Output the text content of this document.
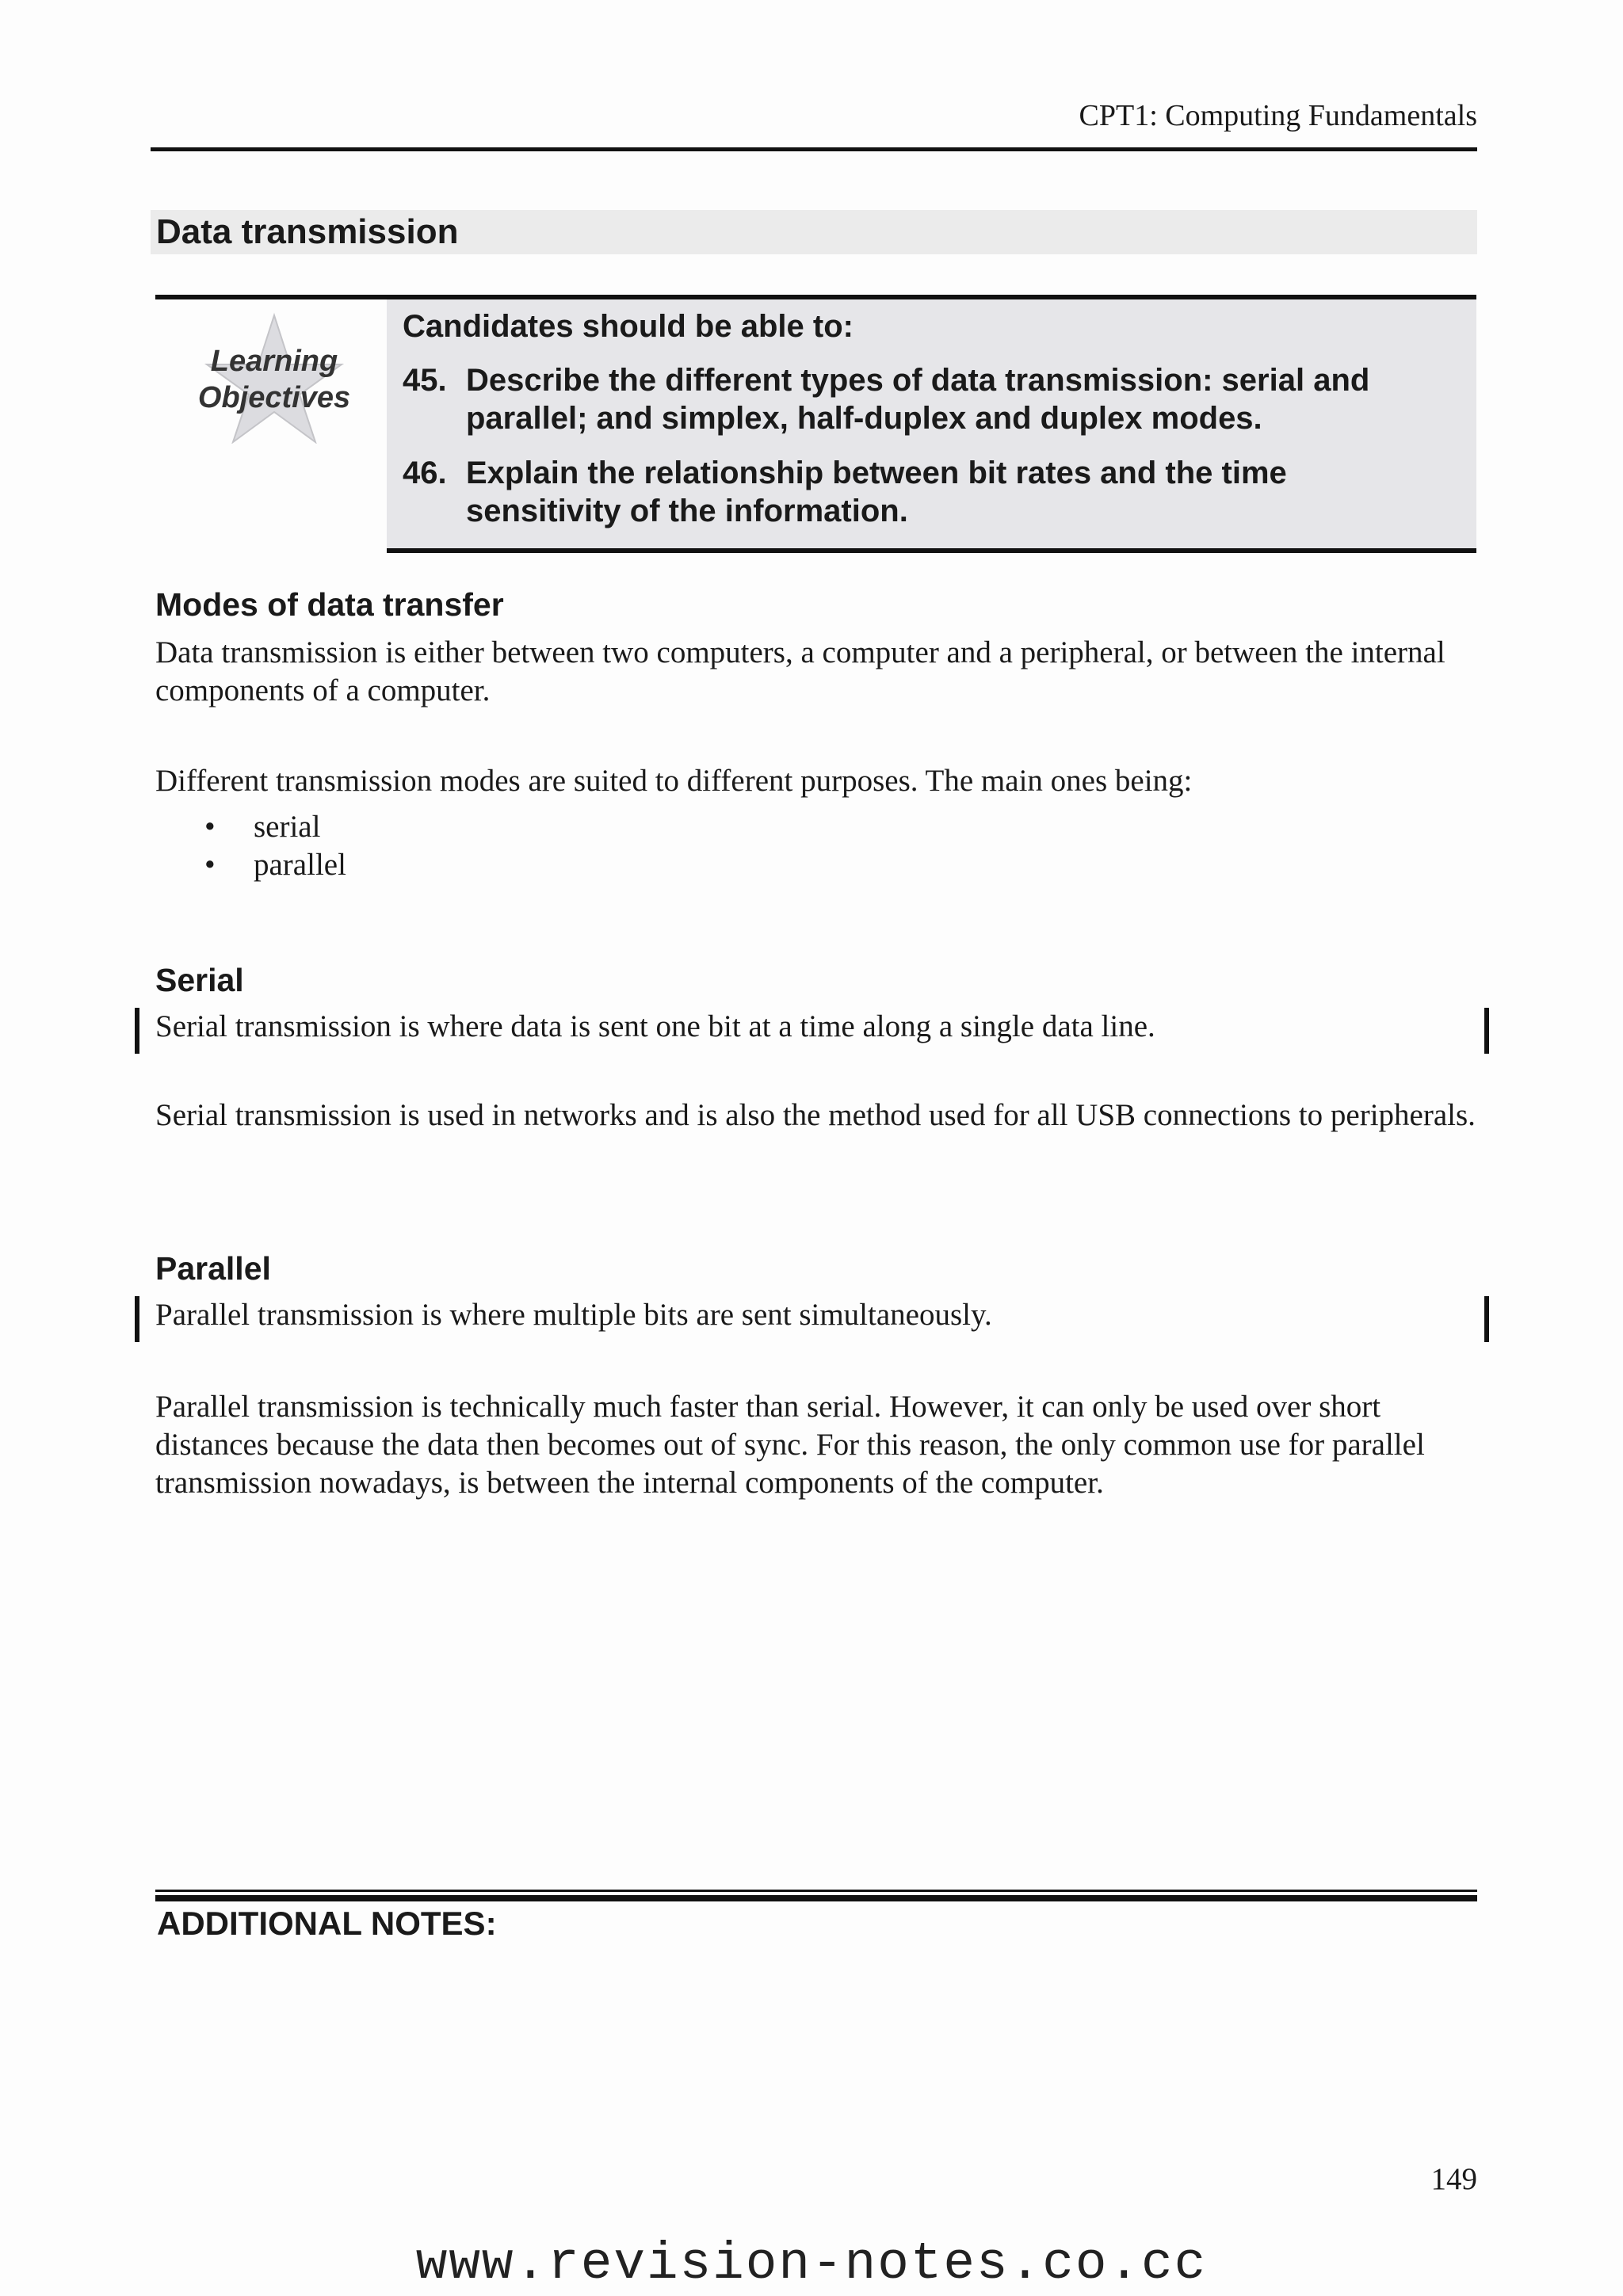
CPT1: Computing Fundamentals
Data transmission
Learning
Objectives
Candidates should be able to:
45. Describe the different types of data transmission: serial and parallel; and simplex, half-duplex and duplex modes.
46. Explain the relationship between bit rates and the time sensitivity of the information.
Modes of data transfer
Data transmission is either between two computers, a computer and a peripheral, or between the internal components of a computer.
Different transmission modes are suited to different purposes. The main ones being:
• serial
• parallel
Serial
Serial transmission is where data is sent one bit at a time along a single data line.
Serial transmission is used in networks and is also the method used for all USB connections to peripherals.
Parallel
Parallel transmission is where multiple bits are sent simultaneously.
Parallel transmission is technically much faster than serial. However, it can only be used over short distances because the data then becomes out of sync. For this reason, the only common use for parallel transmission nowadays, is between the internal components of the computer.
ADDITIONAL NOTES:
149
www.revision-notes.co.cc
